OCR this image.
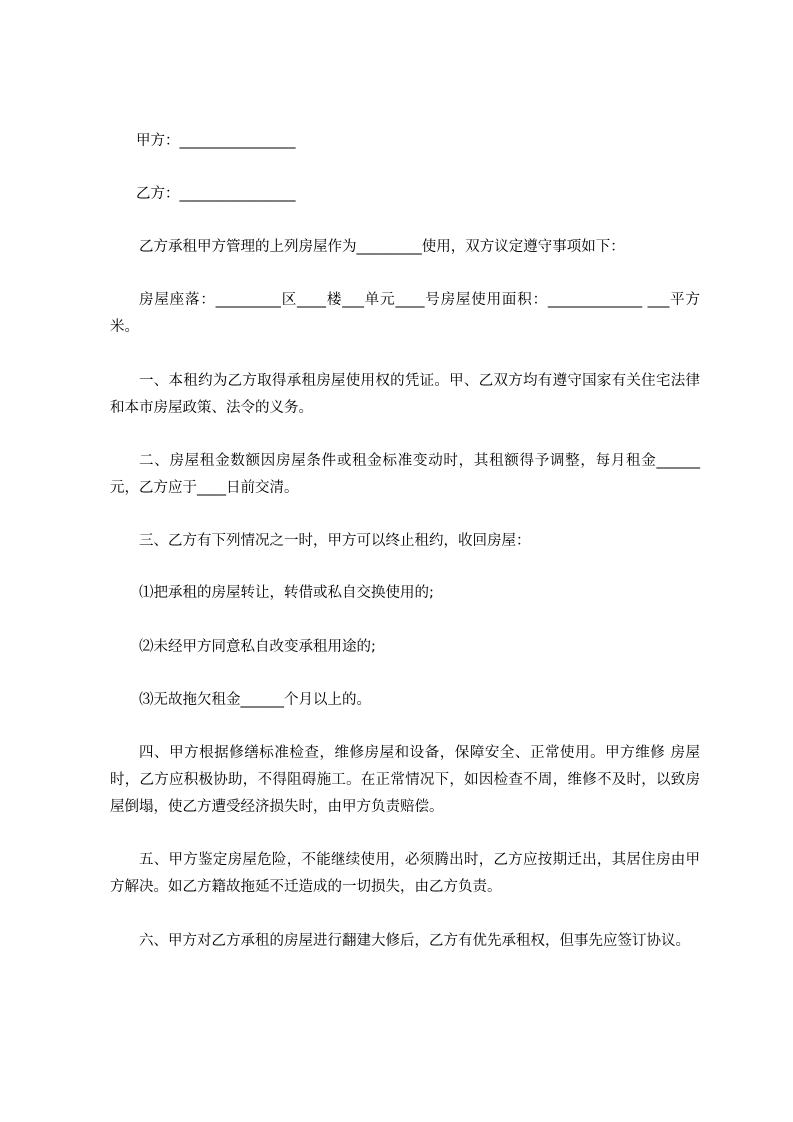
甲方：________________

乙方：________________

乙方承租甲方管理的上列房屋作为_________使用，双方议定遵守事项如下：

房屋座落：_________区____楼___单元____号房屋使用面积：_____________ ___平方米。

一、本租约为乙方取得承租房屋使用权的凭证。甲、乙双方均有遵守国家有关住宅法律和本市房屋政策、法令的义务。

二、房屋租金数额因房屋条件或租金标准变动时，其租额得予调整，每月租金______元，乙方应于____日前交清。

三、乙方有下列情况之一时，甲方可以终止租约，收回房屋：

⑴把承租的房屋转让，转借或私自交换使用的;

⑵未经甲方同意私自改变承租用途的;

⑶无故拖欠租金______个月以上的。

四、甲方根据修缮标准检查，维修房屋和设备，保障安全、正常使用。甲方维修 房屋时，乙方应积极协助，不得阻碍施工。在正常情况下，如因检查不周，维修不及时，以致房屋倒塌，使乙方遭受经济损失时，由甲方负责赔偿。

五、甲方鉴定房屋危险，不能继续使用，必须腾出时，乙方应按期迁出，其居住房由甲方解决。如乙方籍故拖延不迁造成的一切损失，由乙方负责。

六、甲方对乙方承租的房屋进行翻建大修后，乙方有优先承租权，但事先应签订协议。
